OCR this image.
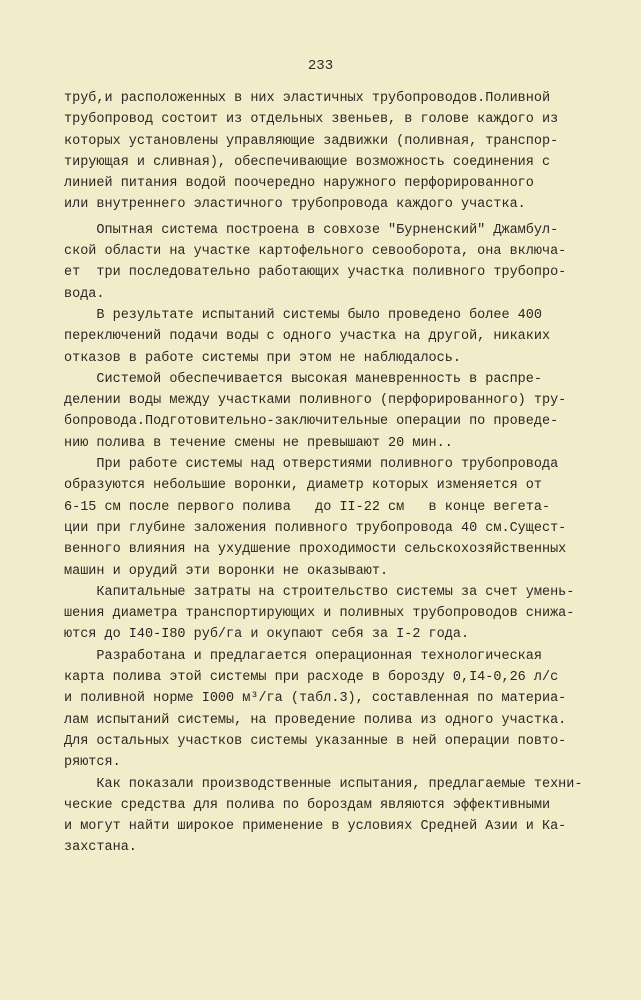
233
труб,и расположенных в них эластичных трубопроводов.Поливной
трубопровод состоит из отдельных звеньев, в голове каждого из
которых установлены управляющие задвижки (поливная, транспор-
тирующая и сливная), обеспечивающие возможность соединения с
линией питания водой поочередно наружного перфорированного
или внутреннего эластичного трубопровода каждого участка.
Опытная система построена в совхозе "Бурненский" Джамбул-
ской области на участке картофельного севооборота, она включа-
ет  три последовательно работающих участка поливного трубопро-
вода.
В результате испытаний системы было проведено более 400
переключений подачи воды с одного участка на другой, никаких
отказов в работе системы при этом не наблюдалось.
Системой обеспечивается высокая маневренность в распре-
делении воды между участками поливного (перфорированного) тру-
бопровода.Подготовительно-заключительные операции по проведе-
нию полива в течение смены не превышают 20 мин..
При работе системы над отверстиями поливного трубопровода
образуются небольшие воронки, диаметр которых изменяется от
6-15 см после первого полива   до II-22 см   в конце вегета-
ции при глубине заложения поливного трубопровода 40 см.Сущест-
венного влияния на ухудшение проходимости сельскохозяйственных
машин и орудий эти воронки не оказывают.
Капитальные затраты на строительство системы за счет умень-
шения диаметра транспортирующих и поливных трубопроводов снижа-
ются до I40-I80 руб/га и окупают себя за I-2 года.
Разработана и предлагается операционная технологическая
карта полива этой системы при расходе в борозду 0,I4-0,26 л/с
и поливной норме I000 м³/га (табл.3), составленная по материа-
лам испытаний системы, на проведение полива из одного участка.
Для остальных участков системы указанные в ней операции повто-
ряются.
Как показали производственные испытания, предлагаемые техни-
ческие средства для полива по бороздам являются эффективными
и могут найти широкое применение в условиях Средней Азии и Ка-
захстана.
